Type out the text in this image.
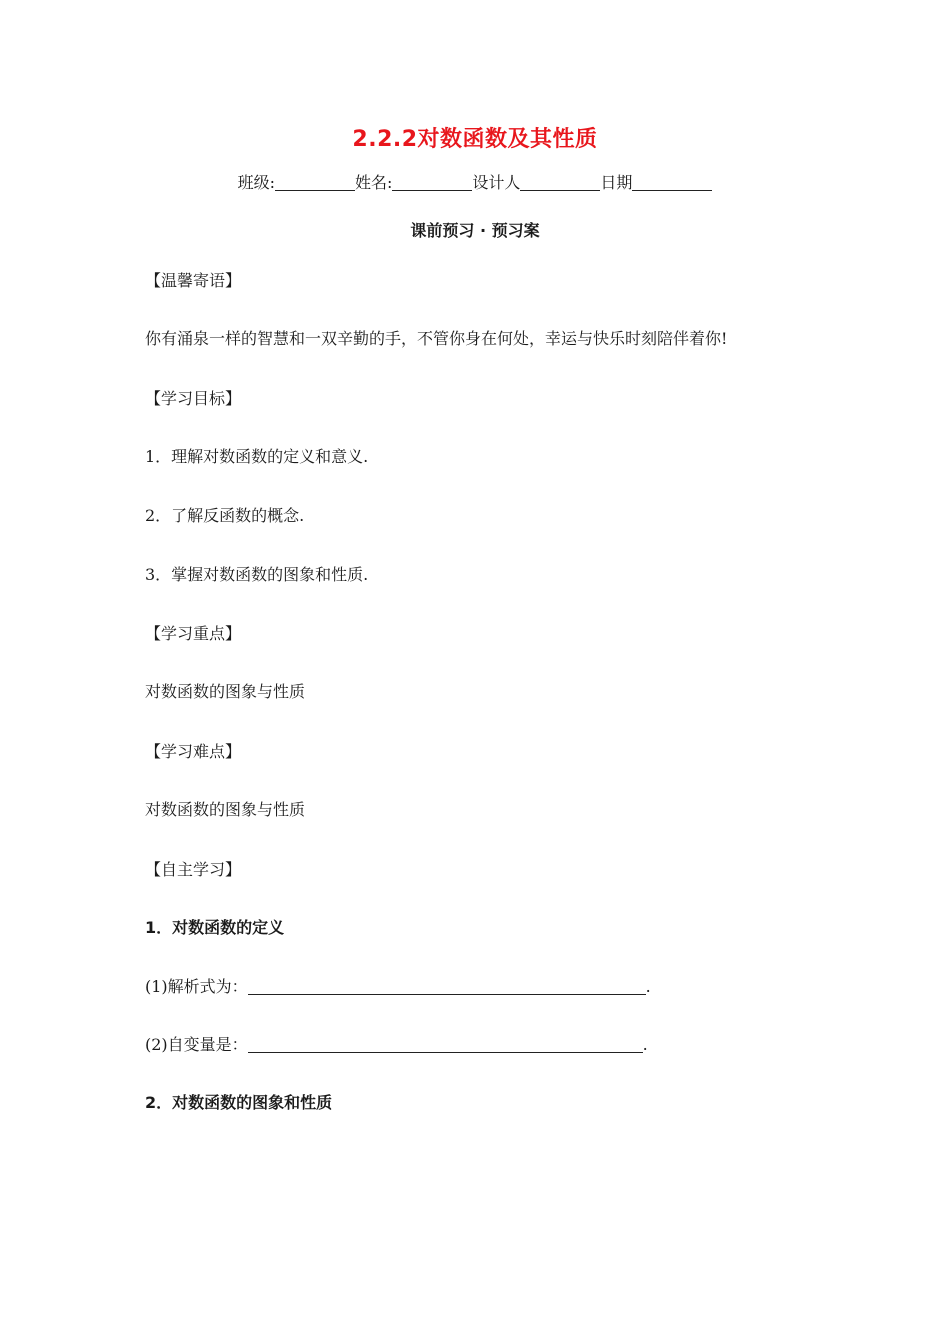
2.2.2对数函数及其性质
班级:	姓名:	设计人	日期
课前预习 · 预习案
【温馨寄语】
你有涌泉一样的智慧和一双辛勤的手，不管你身在何处，幸运与快乐时刻陪伴着你!
【学习目标】
1．理解对数函数的定义和意义.
2．了解反函数的概念.
3．掌握对数函数的图象和性质.
【学习重点】
对数函数的图象与性质
【学习难点】
对数函数的图象与性质
【自主学习】
1．对数函数的定义
(1)解析式为：	.
(2)自变量是：	.
2．对数函数的图象和性质
